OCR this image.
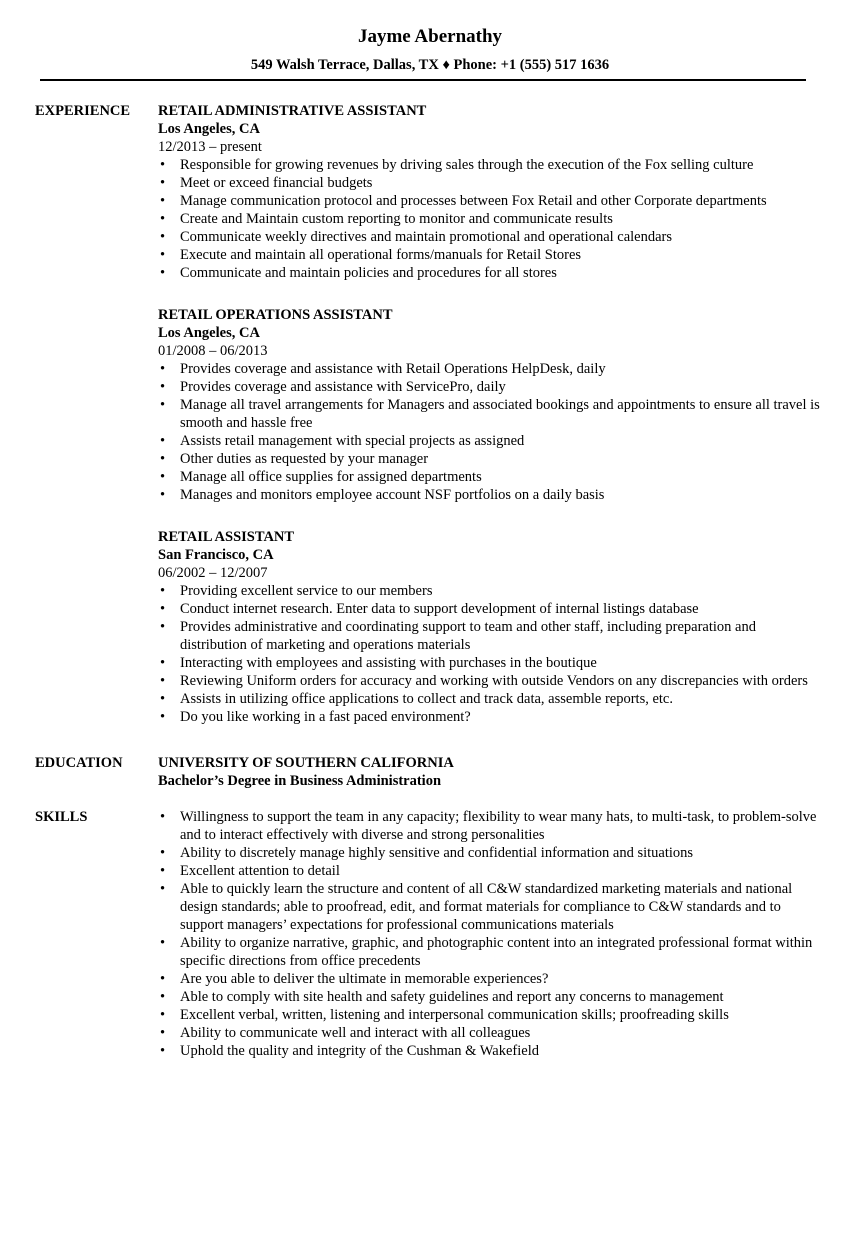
Jayme Abernathy
549 Walsh Terrace, Dallas, TX ♦ Phone: +1 (555) 517 1636
EXPERIENCE	RETAIL ADMINISTRATIVE ASSISTANT
Los Angeles, CA
12/2013 – present
• Responsible for growing revenues by driving sales through the execution of the Fox selling culture
• Meet or exceed financial budgets
• Manage communication protocol and processes between Fox Retail and other Corporate departments
• Create and Maintain custom reporting to monitor and communicate results
• Communicate weekly directives and maintain promotional and operational calendars
• Execute and maintain all operational forms/manuals for Retail Stores
• Communicate and maintain policies and procedures for all stores
RETAIL OPERATIONS ASSISTANT
Los Angeles, CA
01/2008 – 06/2013
• Provides coverage and assistance with Retail Operations HelpDesk, daily
• Provides coverage and assistance with ServicePro, daily
• Manage all travel arrangements for Managers and associated bookings and appointments to ensure all travel is smooth and hassle free
• Assists retail management with special projects as assigned
• Other duties as requested by your manager
• Manage all office supplies for assigned departments
• Manages and monitors employee account NSF portfolios on a daily basis
RETAIL ASSISTANT
San Francisco, CA
06/2002 – 12/2007
• Providing excellent service to our members
• Conduct internet research. Enter data to support development of internal listings database
• Provides administrative and coordinating support to team and other staff, including preparation and distribution of marketing and operations materials
• Interacting with employees and assisting with purchases in the boutique
• Reviewing Uniform orders for accuracy and working with outside Vendors on any discrepancies with orders
• Assists in utilizing office applications to collect and track data, assemble reports, etc.
• Do you like working in a fast paced environment?
EDUCATION	UNIVERSITY OF SOUTHERN CALIFORNIA
Bachelor’s Degree in Business Administration
SKILLS
•	Willingness to support the team in any capacity; flexibility to wear many hats, to multi-task, to problem-solve and to interact effectively with diverse and strong personalities
• Ability to discretely manage highly sensitive and confidential information and situations
• Excellent attention to detail
• Able to quickly learn the structure and content of all C&W standardized marketing materials and national design standards; able to proofread, edit, and format materials for compliance to C&W standards and to support managers’ expectations for professional communications materials
• Ability to organize narrative, graphic, and photographic content into an integrated professional format within specific directions from office precedents
• Are you able to deliver the ultimate in memorable experiences?
• Able to comply with site health and safety guidelines and report any concerns to management
• Excellent verbal, written, listening and interpersonal communication skills; proofreading skills
• Ability to communicate well and interact with all colleagues
• Uphold the quality and integrity of the Cushman & Wakefield
